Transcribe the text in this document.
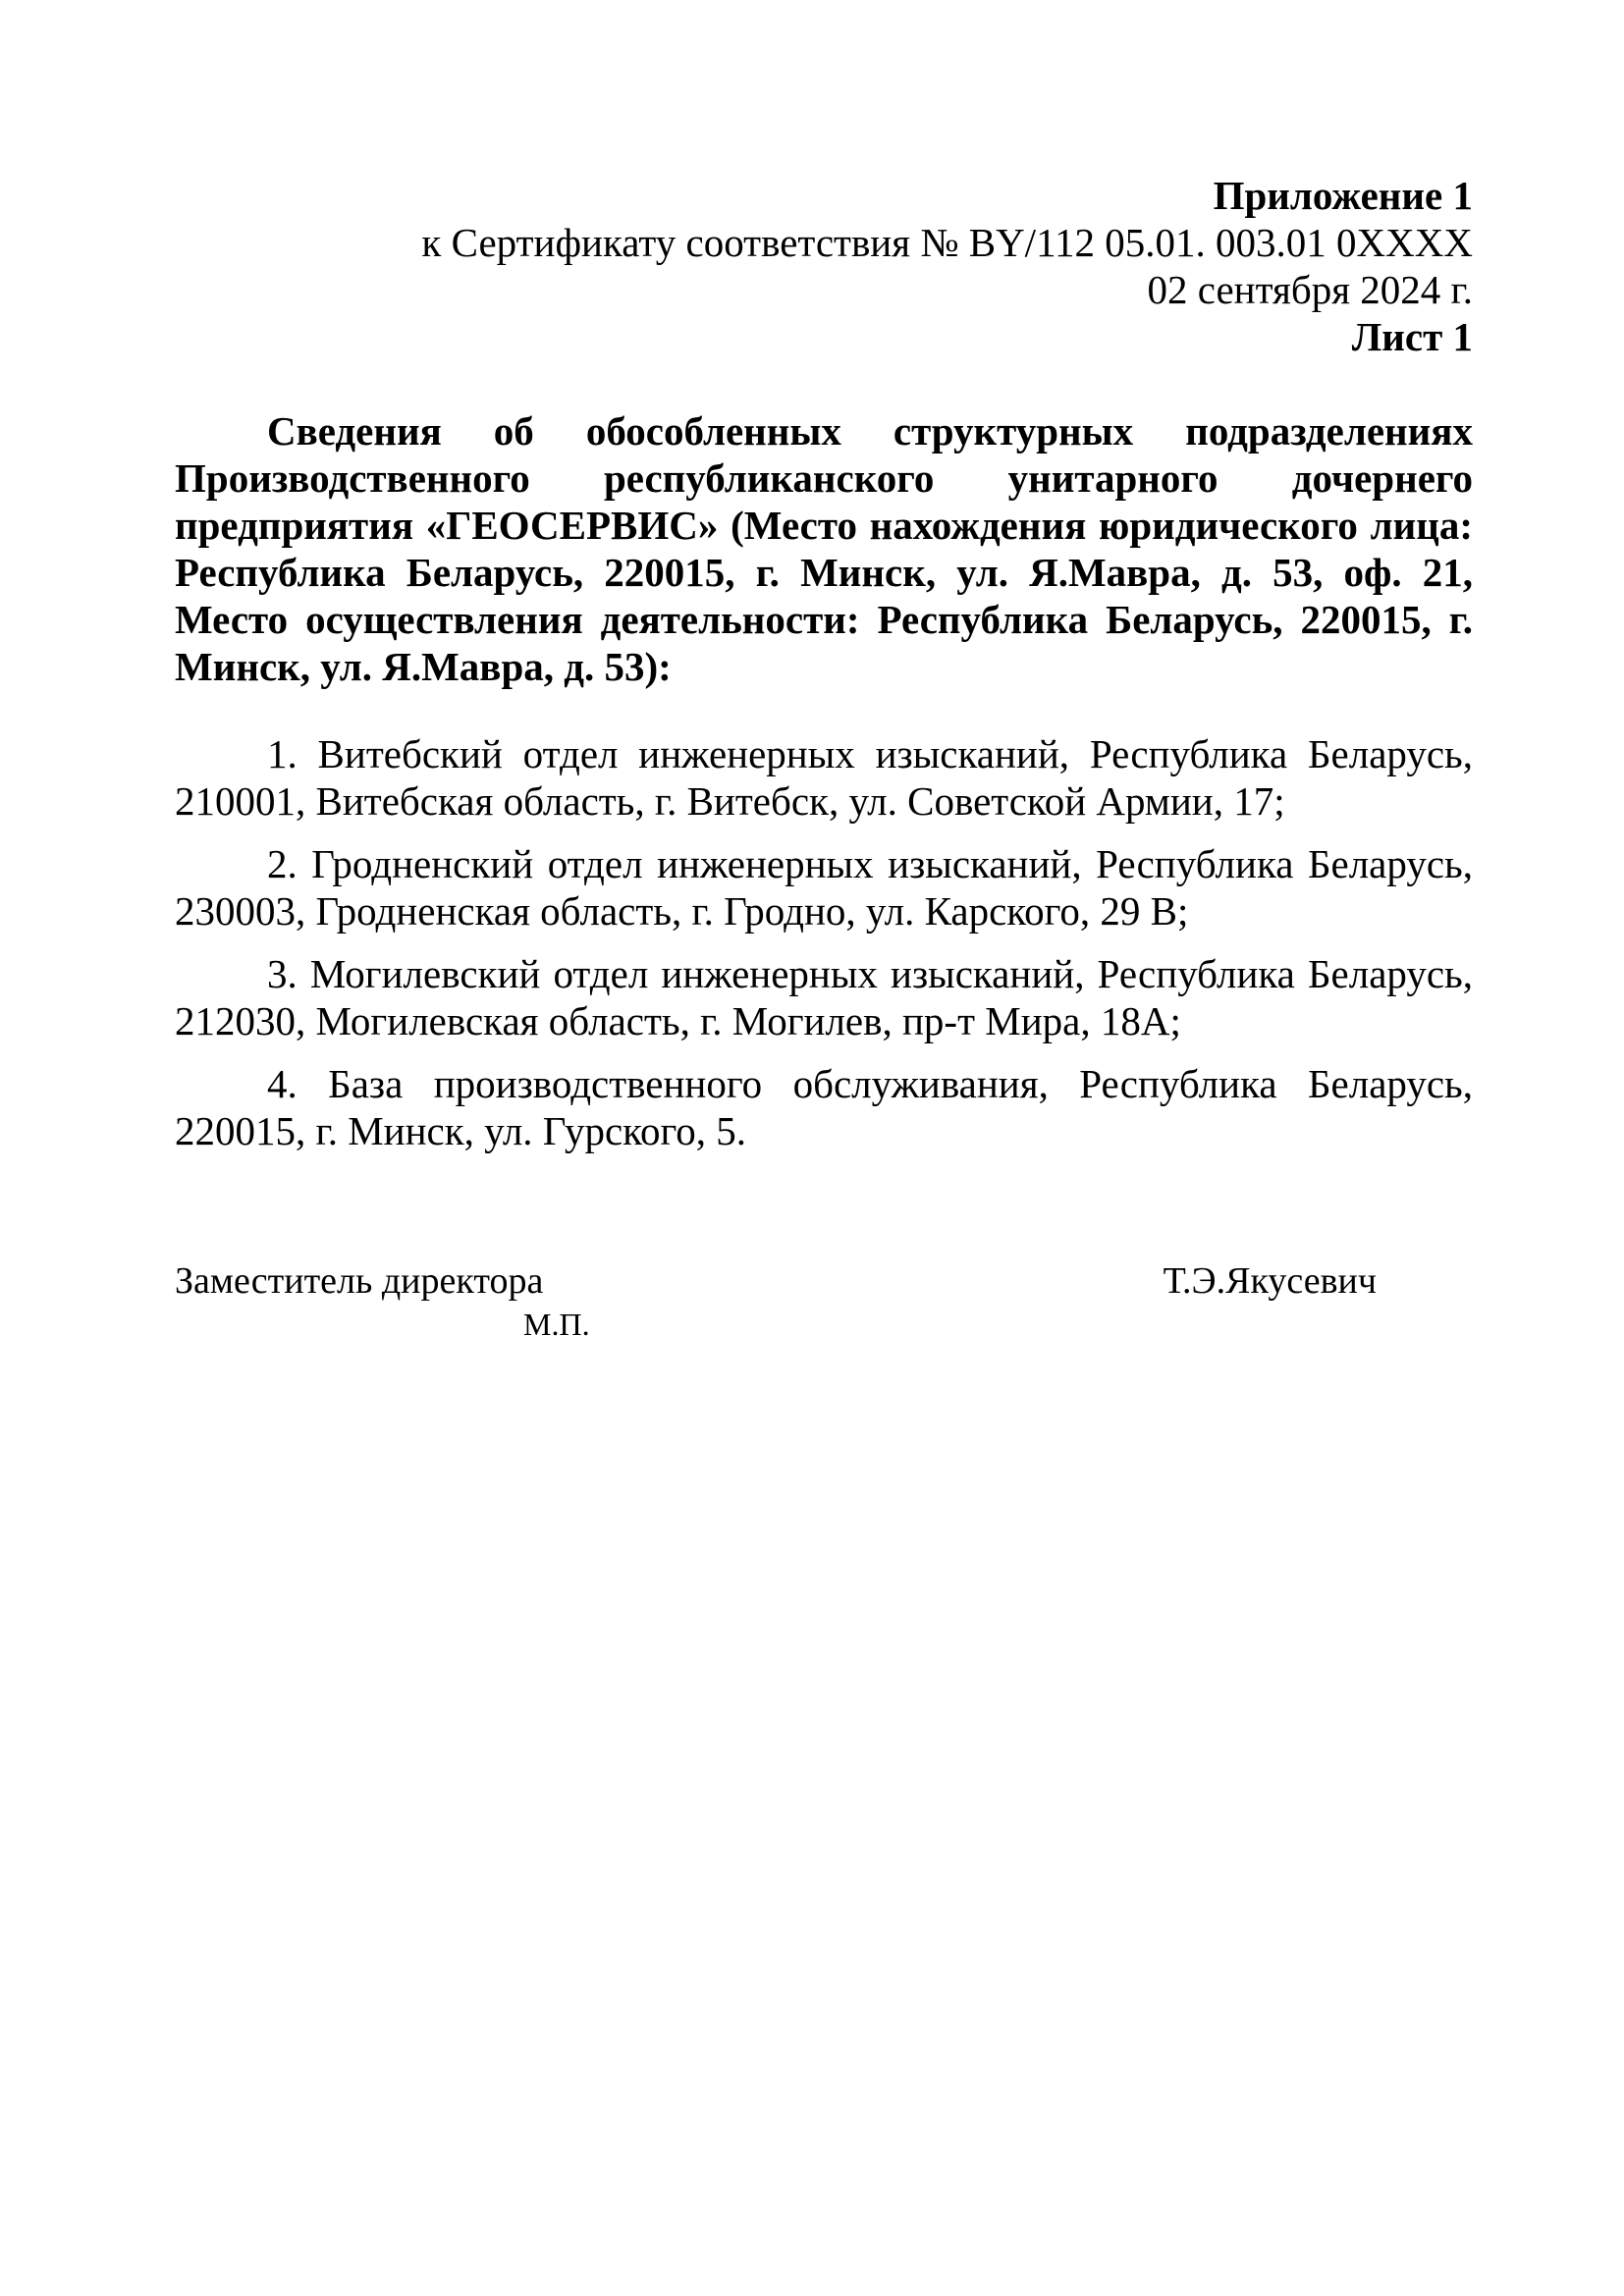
Приложение 1
к Сертификату соответствия № BY/112 05.01. 003.01 0XXXX
02 сентября 2024 г.
Лист 1

Сведения об обособленных структурных подразделениях Производственного республиканского унитарного дочернего предприятия «ГЕОСЕРВИС» (Место нахождения юридического лица: Республика Беларусь, 220015, г. Минск, ул. Я.Мавра, д. 53, оф. 21, Место осуществления деятельности: Республика Беларусь, 220015, г. Минск, ул. Я.Мавра, д. 53):

1. Витебский отдел инженерных изысканий, Республика Беларусь, 210001, Витебская область, г. Витебск, ул. Советской Армии, 17;

2. Гродненский отдел инженерных изысканий, Республика Беларусь, 230003, Гродненская область, г. Гродно, ул. Карского, 29 В;

3. Могилевский отдел инженерных изысканий, Республика Беларусь, 212030, Могилевская область, г. Могилев, пр-т Мира, 18А;

4. База производственного обслуживания, Республика Беларусь, 220015, г. Минск, ул. Гурского, 5.

Заместитель директора	Т.Э.Якусевич
М.П.
